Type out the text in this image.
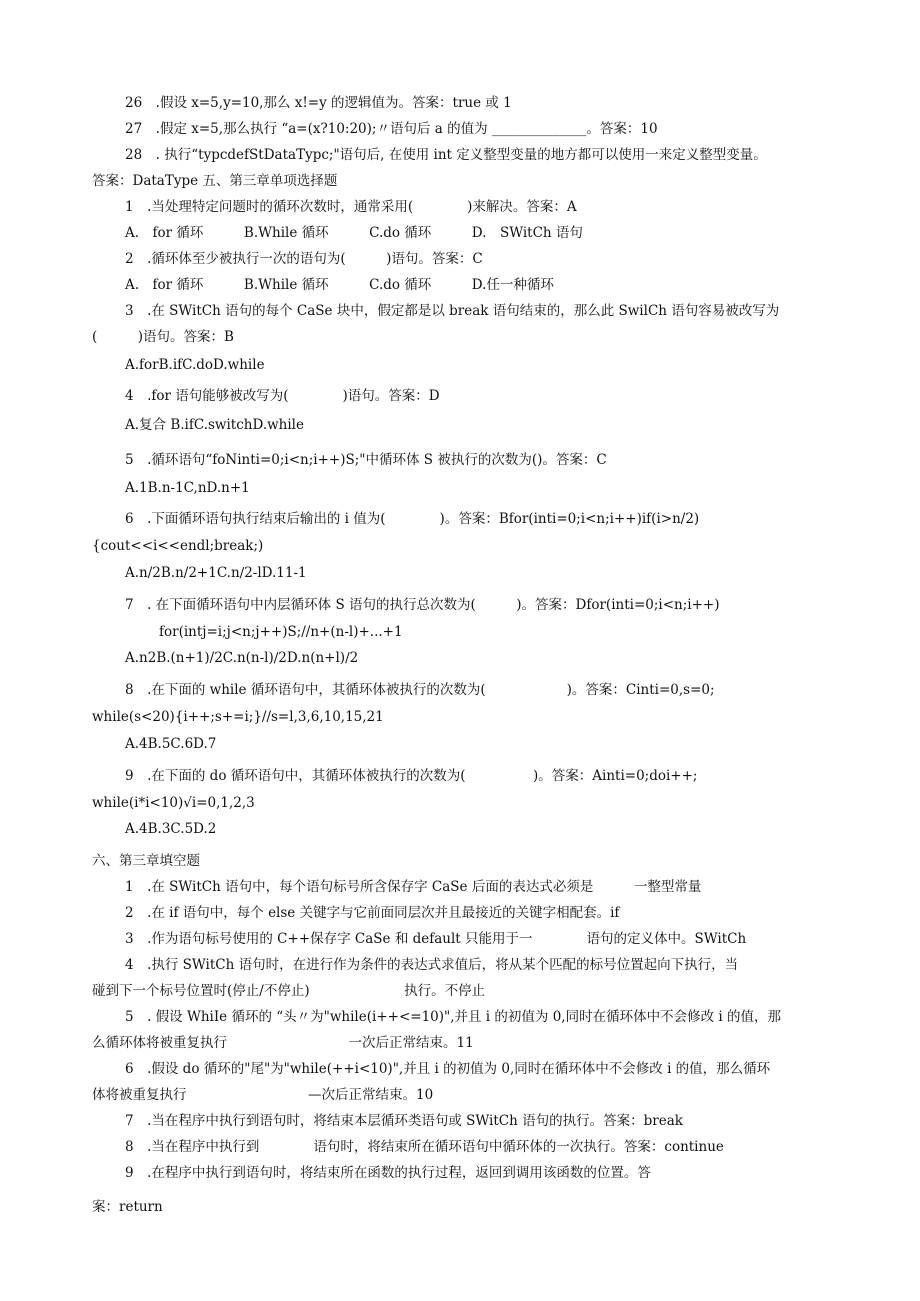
26　.假设 x=5,y=10,那么 x!=y 的逻辑值为。答案：true 或 1
27　.假定 x=5,那么执行 “a=(x?10:20);〃语句后 a 的值为 ______________。答案：10
28　. 执行“typcdefStDataTypc;"语句后, 在使用 int 定义整型变量的地方都可以使用一来定义整型变量。
答案：DataType 五、第三章单项选择题
1　.当处理特定问题时的循环次数时，通常采用(　　　　)来解决。答案：A
A.　for 循环　　　B.While 循环　　　C.do 循环　　　D.　SWitCh 语句
2　.循环体至少被执行一次的语句为(　　　)语句。答案：C
A.　for 循环　　　B.While 循环　　　C.do 循环　　　D.任一种循环
3　.在 SWitCh 语句的每个 CaSe 块中，假定都是以 break 语句结束的，那么此 SwilCh 语句容易被改写为
(　　　)语句。答案：B
A.forB.ifC.doD.while
4　.for 语句能够被改写为(　　　　)语句。答案：D
A.复合 B.ifC.switchD.while
5　.循环语句“foNinti=0;i<n;i++)S;"中循环体 S 被执行的次数为()。答案：C
A.1B.n-1C,nD.n+1
6　.下面循环语句执行结束后输出的 i 值为(　　　　)。答案：Bfor(inti=0;i<n;i++)if(i>n/2)
{cout<<i<<endl;break;)
A.n/2B.n/2+1C.n∕2-lD.11-1
7　. 在下面循环语句中内层循环体 S 语句的执行总次数为(　　　)。答案：Dfor(inti=0;i<n;i++)
for(intj=i;j<n;j++)S;//n+(n-l)+...+1
A.n2B.(n+1)/2C.n(n-l)∕2D.n(n+l)∕2
8　.在下面的 while 循环语句中，其循环体被执行的次数为(　　　　　　)。答案：Cinti=0,s=0;
while(s<20){i++;s+=i;}//s=l,3,6,10,15,21
A.4B.5C.6D.7
9　.在下面的 do 循环语句中，其循环体被执行的次数为(　　　　　)。答案：Ainti=0;doi++;
while(i*i<10)√i=0,1,2,3
A.4B.3C.5D.2
六、第三章填空题
1　.在 SWitCh 语句中，每个语句标号所含保存字 CaSe 后面的表达式必须是　　　一整型常量
2　.在 if 语句中，每个 else 关键字与它前面同层次并且最接近的关键字相配套。if
3　.作为语句标号使用的 C++保存字 CaSe 和 default 只能用于一　　　　语句的定义体中。SWitCh
4　.执行 SWitCh 语句时，在进行作为条件的表达式求值后，将从某个匹配的标号位置起向下执行，当
碰到下一个标号位置时(停止/不停止)　　　　　　　执行。不停止
5　. 假设 WhiIe 循环的 “头〃为"while(i++<=10)",并且 i 的初值为 0,同时在循环体中不会修改 i 的值，那
么循环体将被重复执行　　　　　　　　　一次后正常结束。11
6　.假设 do 循环的"尾"为"while(++i<10)",并且 i 的初值为 0,同时在循环体中不会修改 i 的值，那么循环
体将被重复执行　　　　　　　　　—次后正常结束。10
7　.当在程序中执行到语句时，将结束本层循环类语句或 SWitCh 语句的执行。答案：break
8　.当在程序中执行到　　　　语句时，将结束所在循环语句中循环体的一次执行。答案：continue
9　.在程序中执行到语句时，将结束所在函数的执行过程，返回到调用该函数的位置。答
案：return
